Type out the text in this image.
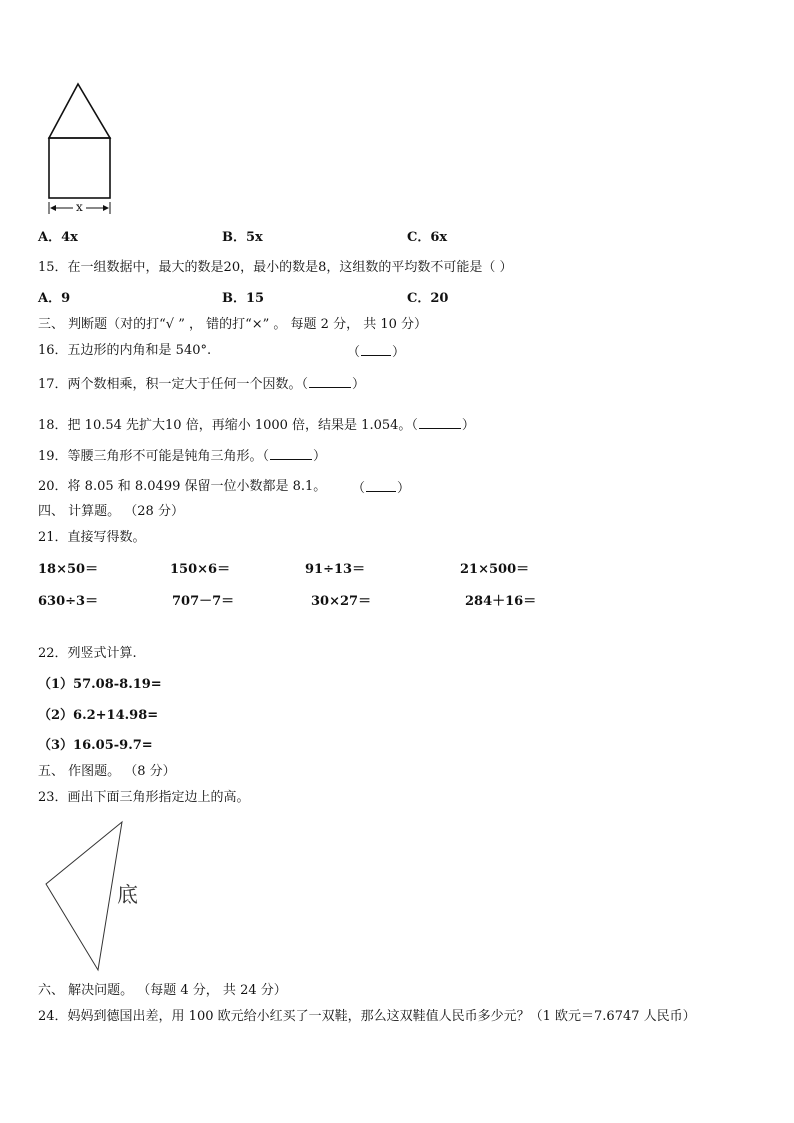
x
A．4x	B．5x	C．6x
15．在一组数据中，最大的数是20，最小的数是8，这组数的平均数不可能是（ ）
A．9	B．15	C．20
三、 判断题（对的打“√ ” ， 错的打“×” 。 每题 2 分， 共 10 分）
16．五边形的内角和是 540°.	（ ）
17．两个数相乘，积一定大于任何一个因数。（	）
18．把 10.54 先扩大10 倍，再缩小 1000 倍，结果是 1.054。（	）
19．等腰三角形不可能是钝角三角形。（	）
20．将 8.05 和 8.0499 保留一位小数都是 8.1。 （ ）
四、 计算题。 （28 分）
21．直接写得数。
18×50＝	150×6＝	91÷13＝	21×500＝
630÷3＝	707－7＝	30×27＝	284＋16＝
22．列竖式计算.
（1）57.08-8.19=
（2）6.2+14.98=
（3）16.05-9.7=
五、 作图题。 （8 分）
23．画出下面三角形指定边上的高。
底
六、 解决问题。 （每题 4 分， 共 24 分）
24．妈妈到德国出差，用 100 欧元给小红买了一双鞋，那么这双鞋值人民币多少元？（1 欧元＝7.6747 人民币）
